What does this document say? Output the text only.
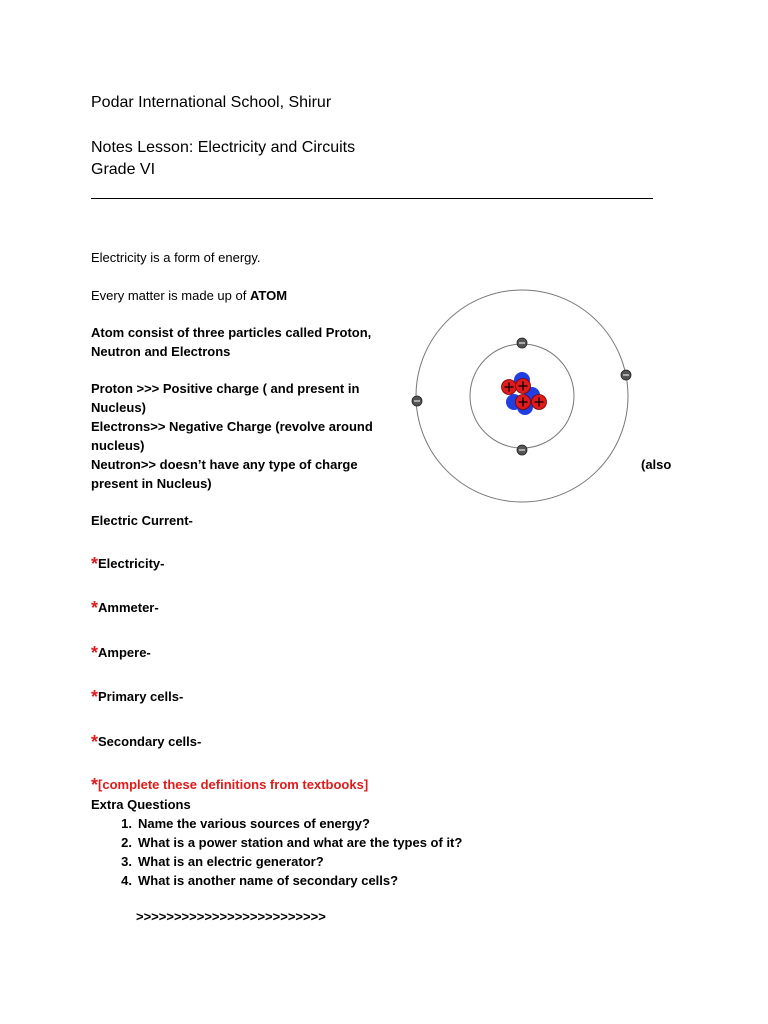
Podar International School, Shirur
Notes Lesson: Electricity and Circuits
Grade VI
Electricity is a form of energy.
Every matter is made up of ATOM
Atom consist of three particles called Proton,
Neutron and Electrons
Proton >>> Positive charge ( and present in
Nucleus)
Electrons>> Negative Charge (revolve around
nucleus)
Neutron>> doesn’t have any type of charge	(also
present in Nucleus)
Electric Current-
*Electricity-
*Ammeter-
*Ampere-
*Primary cells-
*Secondary cells-
*[complete these definitions from textbooks]
Extra Questions
1. Name the various sources of energy?
2. What is a power station and what are the types of it?
3. What is an electric generator?
4. What is another name of secondary cells?
>>>>>>>>>>>>>>>>>>>>>>>>>
